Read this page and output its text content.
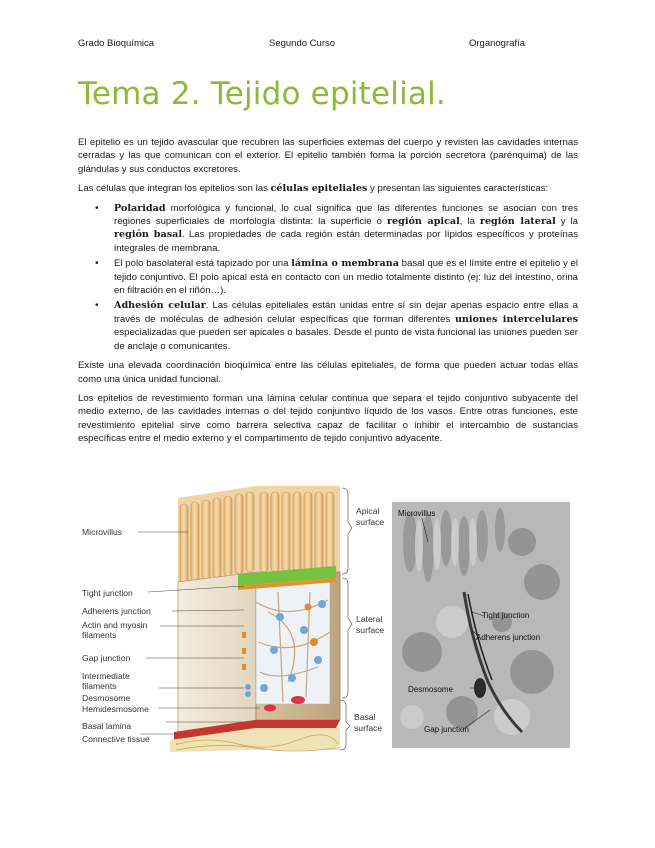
Grado Bioquímica	Segundo Curso	Organografía
Tema 2. Tejido epitelial.

El epitelio es un tejido avascular que recubren las superficies externas del cuerpo y revisten las cavidades internas cerradas y las que comunican con el exterior. El epitelio también forma la porción secretora (parénquima) de las glándulas y sus conductos excretores.

Las células que integran los epitelios son las células epiteliales y presentan las siguientes características:

• Polaridad morfológica y funcional, lo cual significa que las diferentes funciones se asocian con tres regiones superficiales de morfología distinta: la superficie o región apical, la región lateral y la región basal. Las propiedades de cada región están determinadas por lípidos específicos y proteínas integrales de membrana.
• El polo basolateral está tapizado por una lámina o membrana basal que es el límite entre el epitelio y el tejido conjuntivo. El polo apical está en contacto con un medio totalmente distinto (ej: luz del intestino, orina en filtración en el riñón…).
• Adhesión celular. Las células epiteliales están unidas entre sí sin dejar apenas espacio entre ellas a través de moléculas de adhesión celular específicas que forman diferentes uniones intercelulares especializadas que pueden ser apicales o basales. Desde el punto de vista funcional las uniones pueden ser de anclaje o comunicantes.

Existe una elevada coordinación bioquímica entre las células epiteliales, de forma que pueden actuar todas ellas como una única unidad funcional.

Los epitelios de revestimiento forman una lámina celular continua que separa el tejido conjuntivo subyacente del medio externo, de las cavidades internas o del tejido conjuntivo líquido de los vasos. Entre otras funciones, este revestimiento epitelial sirve como barrera selectiva capaz de facilitar o inhibir el intercambio de sustancias específicas entre el medio externo y el compartimento de tejido conjuntivo adyacente.

Microvillus
Tight junction
Adherens junction
Actin and myosin
filaments
Gap junction
Intermediate
filaments
Desmosome
Hemidesmosome
Basal lamina
Connective tissue
Apical
surface
Lateral
surface
Basal
surface
Microvillus
Tight junction
Adherens junction
Desmosome
Gap junction
